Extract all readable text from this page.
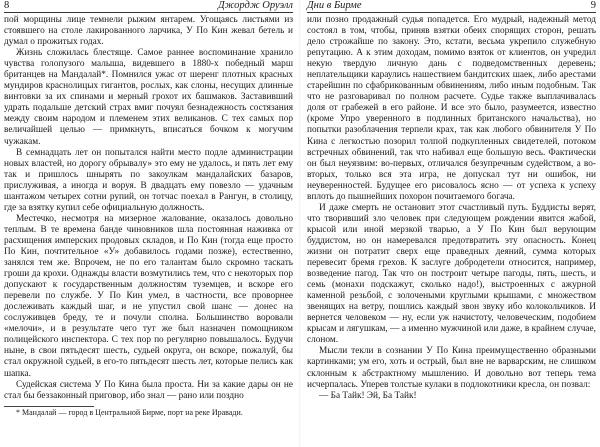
8	Джордж Оруэлл

пой морщины лице темнели рыжим янтарем. Угощаясь листьями из стоявшего на столе лакированного ларчика, У По Кин жевал бетель и думал о прожитых годах.

Жизнь сложилась блестяще. Самое раннее воспоминание хранило чувства голопузого малыша, видевшего в 1880-х победный марш британцев на Мандалай*. Помнился ужас от шеренг плотных красных мундиров краснолицых гигантов, рослых, как слоны, несущих длинные винтовки за их спинами и мерный грохот их башмаков. Заставивший удрать подальше детский страх вмиг почуял безнадежность состязания между своим народом и племенем этих великанов. С тех самых пор величайшей целью — примкнуть, вписаться бочком к могучим чужакам.

В семнадцать лет он попытался найти место подле администрации новых властей, но дорогу обрывалу» это ему не удалось, и пять лет ему так и пришлось шнырять по закоулкам мандалайских базаров, прислуживая, а иногда и воруя. В двадцать ему повезло — удачным шантажом четырех сотни рупий, он тотчас поехал в Рангун, в столицу, где за взятку купил себе официальную должность.

Местечко, несмотря на мизерное жалование, оказалось довольно теплым. В те времена банде чиновников шла постоянная наживка от расхищения имперских продовых складов, и По Кин (тогда еще просто По Кин, почтительное «У» добавилось годами позже), естественно, занялся тем же. Впрочем, не по его талантам было скромно таскать гроши да крохи. Однажды власти возмутились тем, что с некоторых пор допускают к государственным должностям туземцев, и вскоре его перевели по службе. У По Кин умел, в частности, все проворнее дослеживать каждый шаг, и не упустил свой шанс — донес на сослуживцев бреду, те и почули сполна. Большинство воровали «мелочи», и в результате чего тут же был назначен помощником полицейского инспектора. С тех пор по регулярно повышалось. Будучи ныне, в свои пятьдесят шесть, судьей округа, он вскоре, пожалуй, бы стал окружной судьей, в его-то пятьдесят шесть лет, которые пелись как шапка.

Судейская система У По Кина была проста. Ни за какие дары он не стал бы беззаконный приговор, ибо знал — рано или поздно

* Мандалай — город в Центральной Бирме, порт на реке Иравади.

Дни в Бирме	9

или позно продажный судья попадется. Его мудрый, надежный метод состоял в том, чтобы, приняв взятки обеих спорящих сторон, решать дело строжайше по закону. Это, кстати, весьма укрепило служебную репутацию. А к этим доходам, помимо взяток от клиентов, он учредил некую твердую личную дань с подведомственных деревень; неплательщики караулись нашествием бандитских шаек, либо арестами старейшин по сфабрикованным обвинениям, либо иным подобным. Так что не разговаривал по полном расчете. Судье также выплачивалась доля от грабежей в его районе. И все это было, разумеется, известно (кроме Упро уверенного в подлинных британского начальства), но попытки разоблачения терпели крах, так как любого обвинителя У По Кина с легкостью позорил толпой подкупленных свидетелей, потоком встречных обвинений, так что набивал еще большую весь. Фактически он был неуязвим: во-первых, отличался безупречным судейством, а во-вторых, только вся эта игра, не допускал тут ни ошибок, ни неуверенностей. Будущее его рисовалось ясно — от успеха к успеху вплоть до пышнейших похорон почитаемого богача.

И даже смерть не остановит этот счастливый путь. Буддисты верят, что творивший зло человек при следующем рождении явится жабой, крысой или иной мерзкой тварью, а У По Кин был верующим буддистом, но он намеревался предотвратить эту опасность. Конец жизни он потратит сверх еще праведных деяний, сумма которых перевесит бремя грехов. К заслуге добродетели относится, например, возведение пагод. Так что он построит четыре пагоды, пять, шесть, и семь (монахи подскажут, сколько надо!), выстроенных с ажурной каменной резьбой, с золочеными круглыми крышами, с множеством звенящих на ветру, пошлись каждый звон звуку ибо колокольчиков. И вернется человеком — ну, если уж начистоту, человеческим, подобием крысам и лягушкам, — а именно мужчиной или даже, в крайнем случае, слоном.

Мысли текли в сознании У По Кина преимущественно образными картинками; ум его, хоть и острый, был вне не варварским, не слишком склонным к абстрактному мышлению. И довольно вот теперь тема исчерпалась. Уперев толстые кулаки в подлокотники кресла, он позвал:

— Ба Тайк! Эй, Ба Тайк!
